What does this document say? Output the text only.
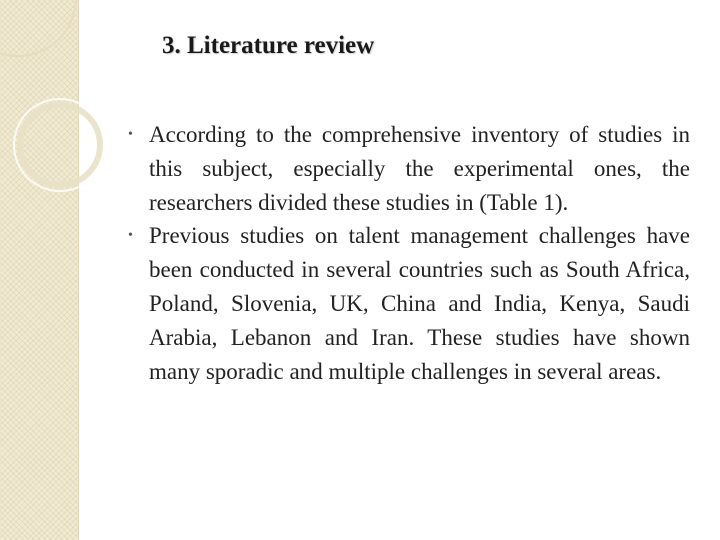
3. Literature review
• According to the comprehensive inventory of studies in this subject, especially the experimental ones, the researchers divided these studies in (Table 1).
• Previous studies on talent management challenges have been conducted in several countries such as South Africa, Poland, Slovenia, UK, China and India, Kenya, Saudi Arabia, Lebanon and Iran. These studies have shown many sporadic and multiple challenges in several areas.
